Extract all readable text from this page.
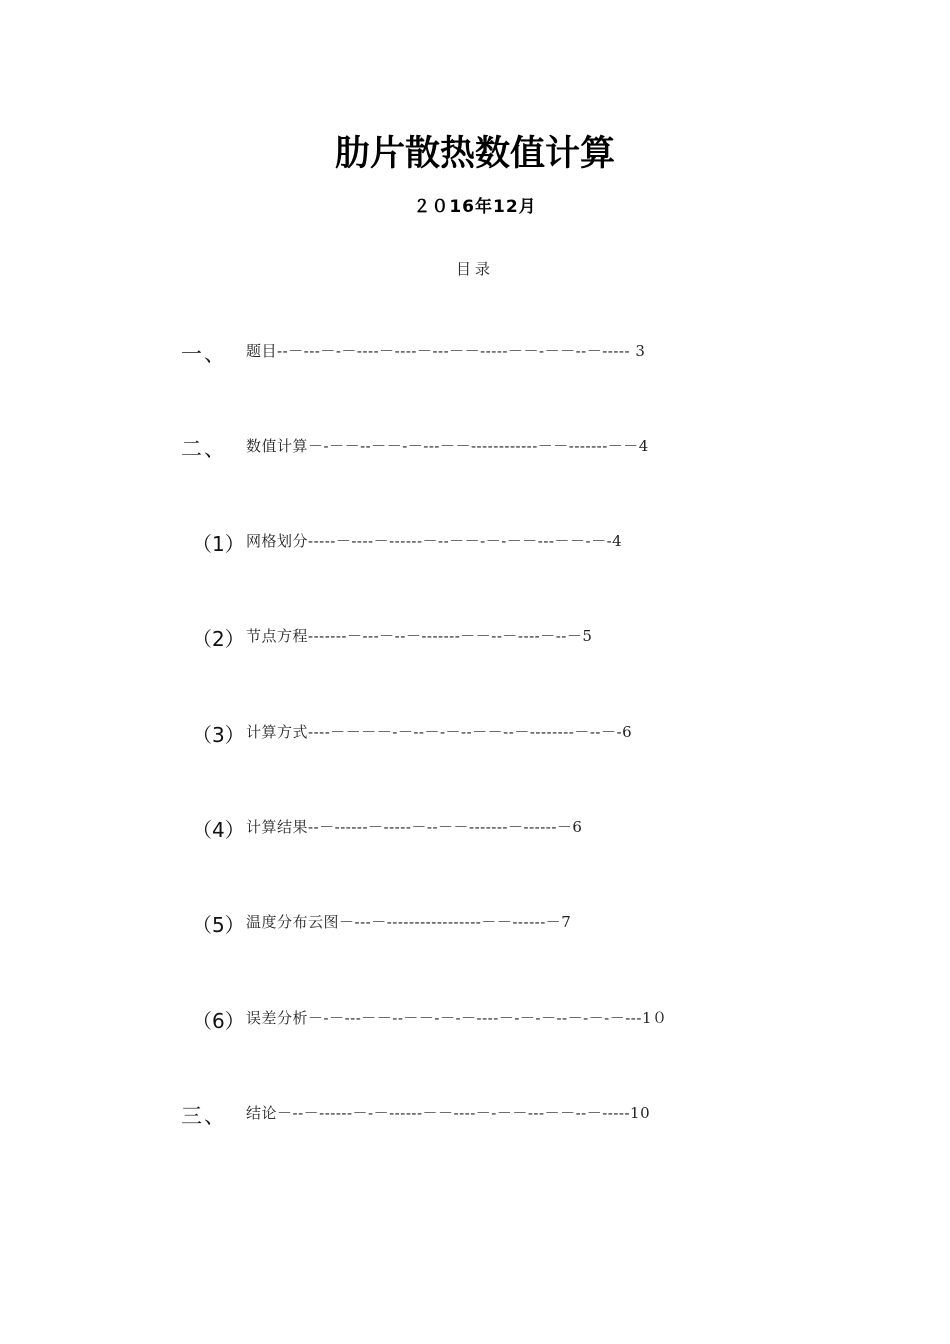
肋片散热数值计算
２０16年12月
目录
一、 题目--－---－-－----－----－---－－-----－－-－－--－----- 3
二、 数值计算－-－－--－－-－---－－------------－－-------－－4
（1） 网格划分-----－----－------－--－－-－-－－---－－-－-4
（2） 节点方程-------－---－--－-------－－--－----－--－5
（3） 计算方式----－－－－-－--－-－--－－--－--------－--－-6
（4） 计算结果--－------－-----－--－－-------－------－6
（5） 温度分布云图－---－-----------------－－------－7
（6） 误差分析－-－---－－--－－-－-－----－-－-－--－-－-－---1０
三、 结论－--－------－-－------－－----－-－－---－－--－-----10
